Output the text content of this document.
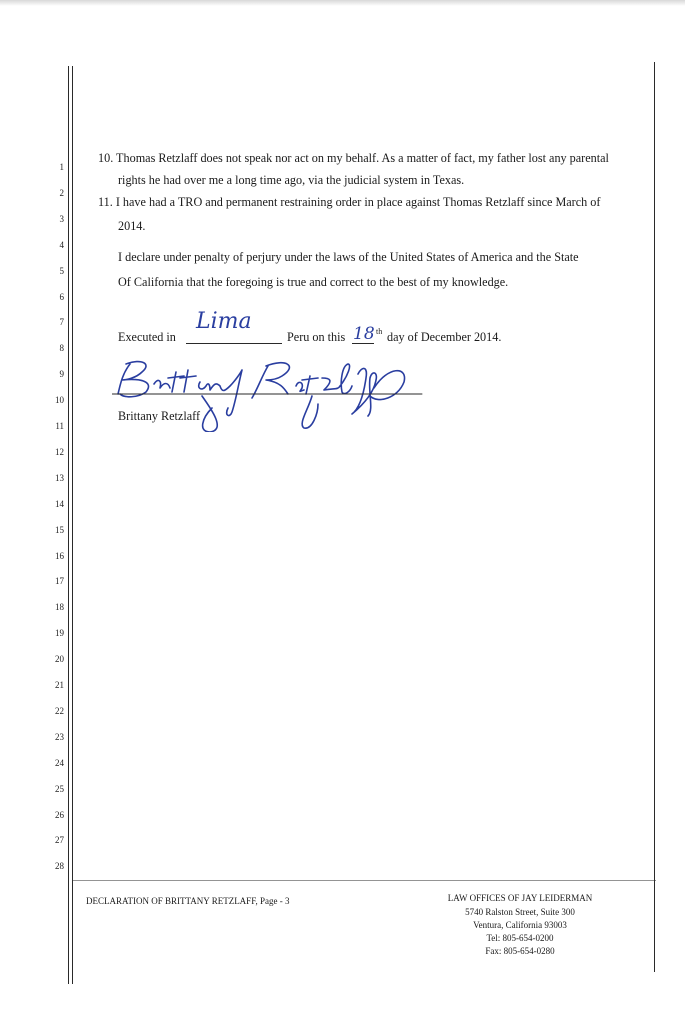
1
2
3
4
5
6
7
8
9
10
11
12
13
14
15
16
17
18
19
20
21
22
23
24
25
26
27
28
10. Thomas Retzlaff does not speak nor act on my behalf. As a matter of fact, my father lost any parental
rights he had over me a long time ago, via the judicial system in Texas.
11. I have had a TRO and permanent restraining order in place against Thomas Retzlaff since March of
2014.
I declare under penalty of perjury under the laws of the United States of America and the State
Of California that the foregoing is true and correct to the best of my knowledge.
Executed in
Lima
Peru on this 18 th day of December 2014.
Brittany Retzlaff
DECLARATION OF BRITTANY RETZLAFF, Page - 3	LAW OFFICES OF JAY LEIDERMAN
5740 Ralston Street, Suite 300
Ventura, California 93003
Tel: 805-654-0200
Fax: 805-654-0280
